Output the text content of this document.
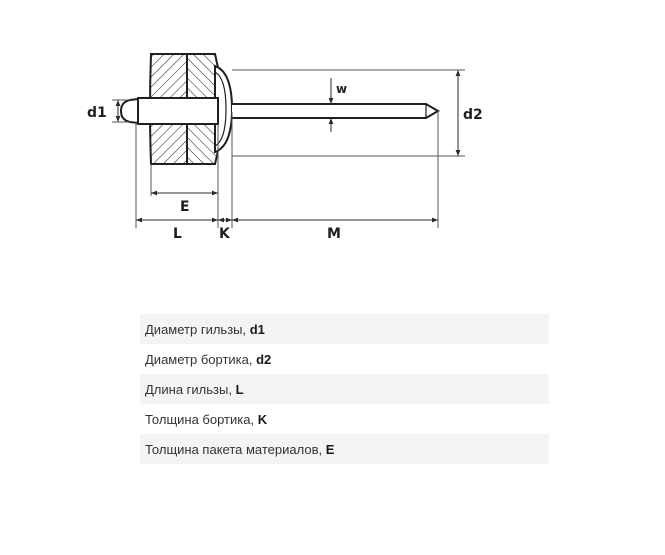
d1	d2
w
E
L	K	M
Диаметр гильзы, d1
Диаметр бортика, d2
Длина гильзы, L
Толщина бортика, K
Толщина пакета материалов, E
